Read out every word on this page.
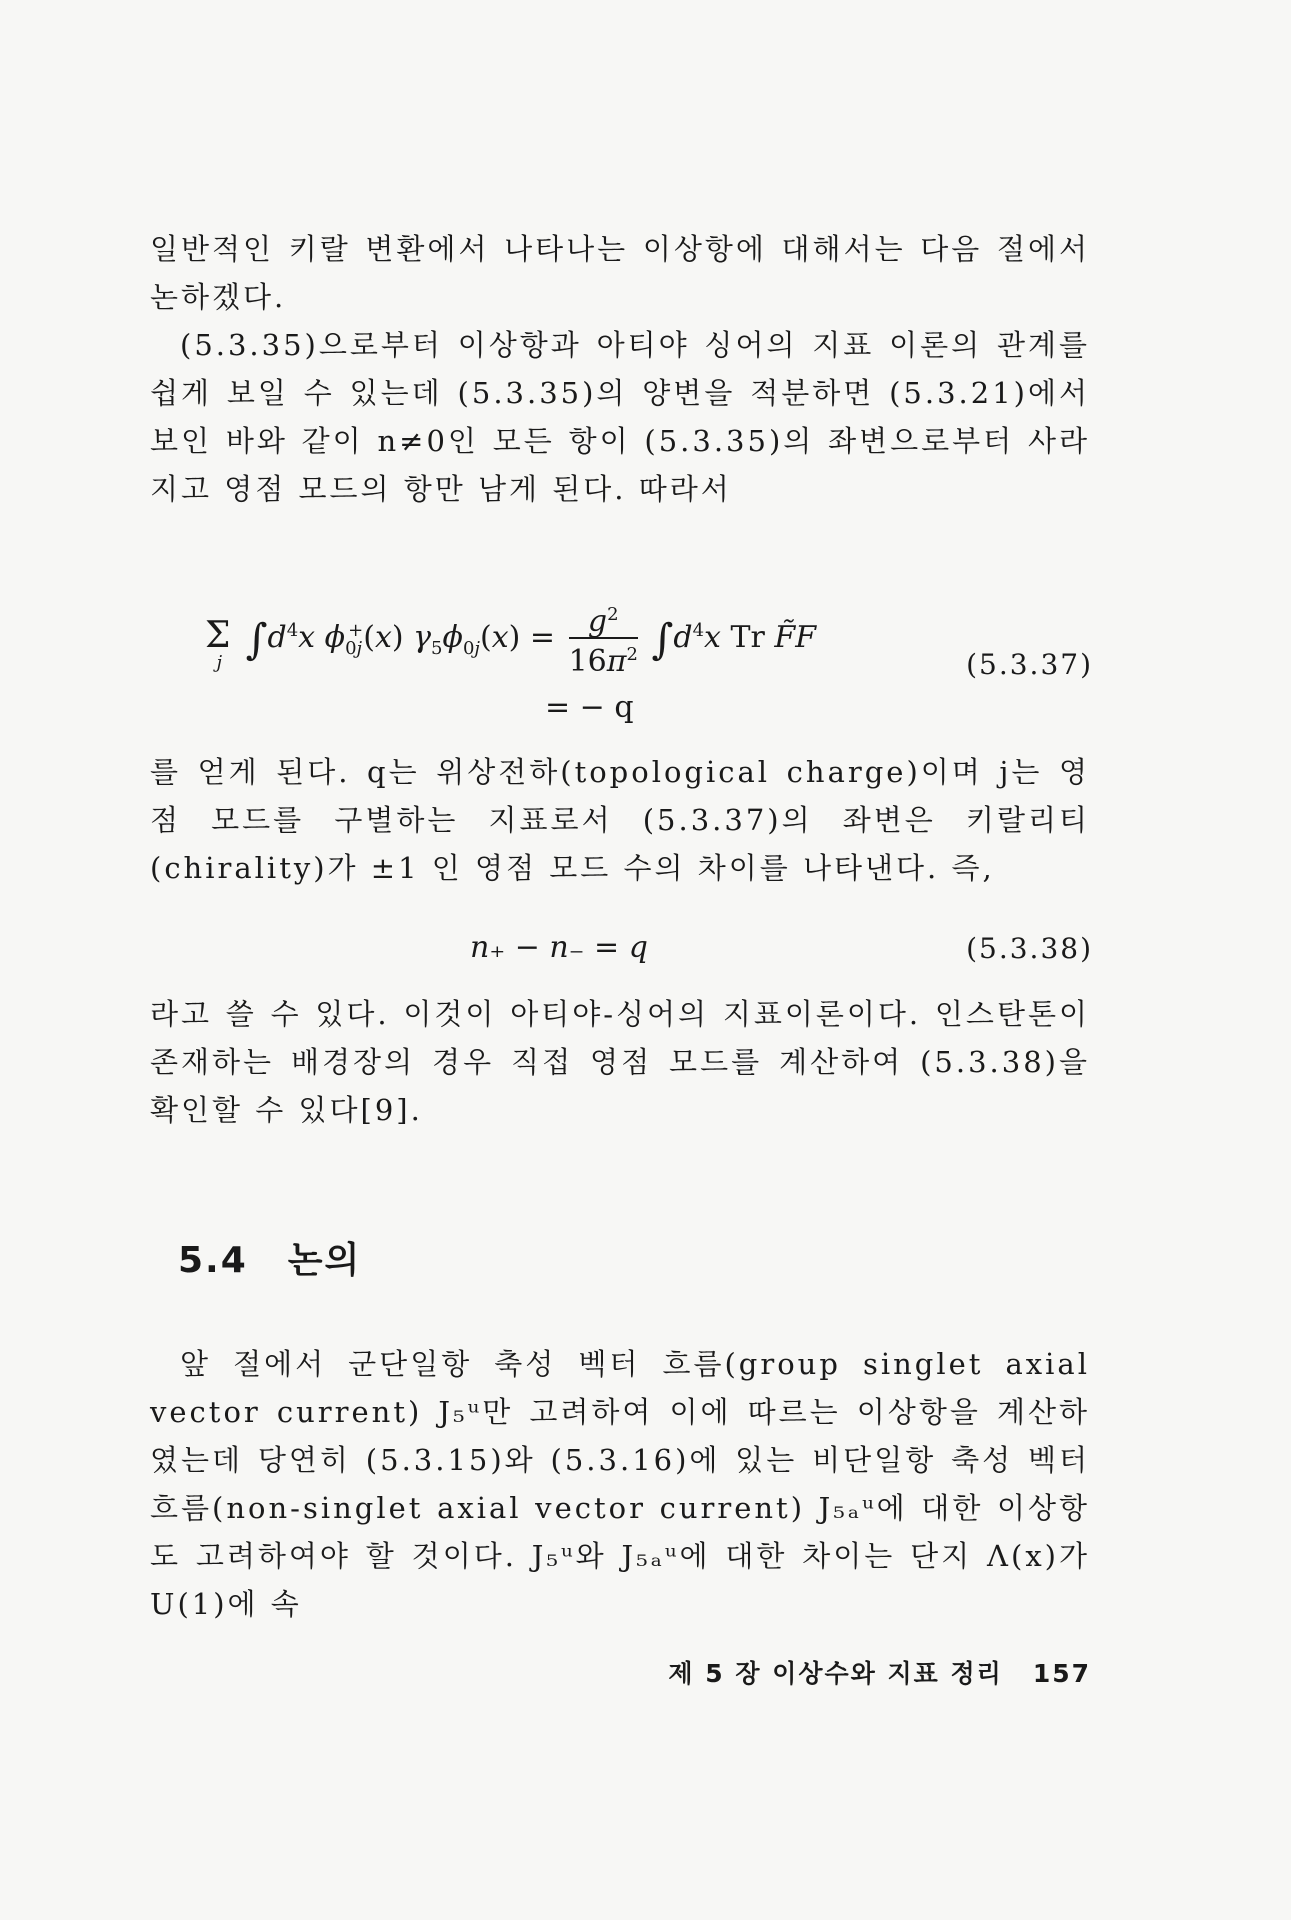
일반적인 키랄 변환에서 나타나는 이상항에 대해서는 다음 절에서 논하겠다.

(5.3.35)으로부터 이상항과 아티야 싱어의 지표 이론의 관계를 쉽게 보일 수 있는데 (5.3.35)의 양변을 적분하면 (5.3.21)에서 보인 바와 같이 n≠0인 모든 항이 (5.3.35)의 좌변으로부터 사라지고 영점 모드의 항만 남게 된다. 따라서

$\Sigma_j$ $\int d^4x$ $\phi_{0j}^+(x) \gamma_5\phi_{0j}(x) = \frac{g^2}{16\pi^2} \int d^4x$ Tr F̃F
(5.3.37)
= − q

를 얻게 된다. q는 위상전하(topological charge)이며 j는 영점 모드를 구별하는 지표로서 (5.3.37)의 좌변은 키랄리티(chirality)가 ±1 인 영점 모드 수의 차이를 나타낸다. 즉,

n₊ − n₋ = q	(5.3.38)

라고 쓸 수 있다. 이것이 아티야-싱어의 지표이론이다. 인스탄톤이 존재하는 배경장의 경우 직접 영점 모드를 계산하여 (5.3.38)을 확인할 수 있다[9].

5.4 논의

앞 절에서 군단일항 축성 벡터 흐름(group singlet axial vector current) J₅ᵘ만 고려하여 이에 따르는 이상항을 계산하였는데 당연히 (5.3.15)와 (5.3.16)에 있는 비단일항 축성 벡터 흐름(non-singlet axial vector current) J₅ₐᵘ에 대한 이상항도 고려하여야 할 것이다. J₅ᵘ와 J₅ₐᵘ에 대한 차이는 단지 Λ(x)가 U(1)에 속

제 5 장 이상수와 지표 정리 157
